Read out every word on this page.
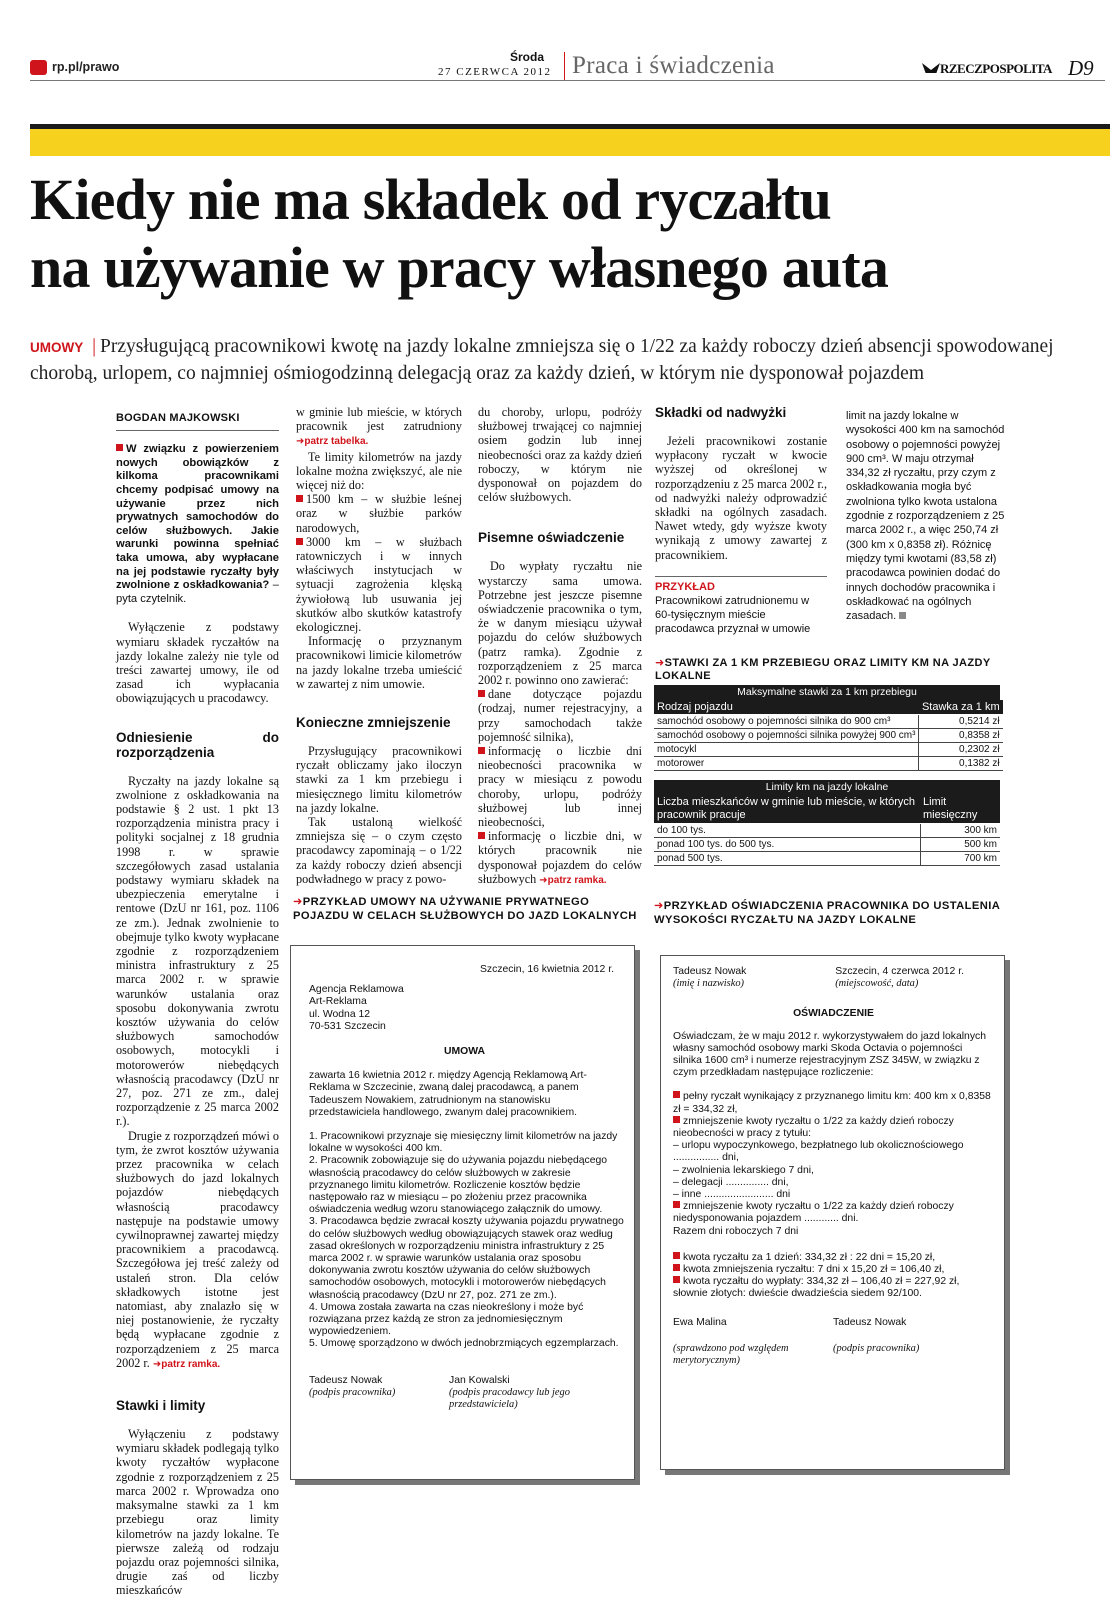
rp.pl/prawo
Środa
27 CZERWCA 2012 Praca i świadczenia	RZECZPOSPOLITA D9
Kiedy nie ma składek od ryczałtu
na używanie w pracy własnego auta
UMOWY | Przysługującą pracownikowi kwotę na jazdy lokalne zmniejsza się o 1/22 za każdy roboczy dzień absencji spowodowanej chorobą, urlopem, co najmniej ośmiogodzinną delegacją oraz za każdy dzień, w którym nie dysponował pojazdem
BOGDAN MAJKOWSKI

W związku z powierzeniem nowych obowiązków z kilkoma pracownikami chcemy podpisać umowy na używanie przez nich prywatnych samochodów do celów służbowych. Jakie warunki powinna spełniać taka umowa, aby wypłacane na jej podstawie ryczałty były zwolnione z oskładkowania? – pyta czytelnik.

Wyłączenie z podstawy wymiaru składek ryczałtów na jazdy lokalne zależy nie tyle od treści zawartej umowy, ile od zasad ich wypłacania obowiązujących u pracodawcy.

Odniesienie do rozporządzenia

Ryczałty na jazdy lokalne są zwolnione z oskładkowania na podstawie § 2 ust. 1 pkt 13 rozporządzenia ministra pracy i polityki socjalnej z 18 grudnia 1998 r. w sprawie szczegółowych zasad ustalania podstawy wymiaru składek na ubezpieczenia emerytalne i rentowe (DzU nr 161, poz. 1106 ze zm.). Jednak zwolnienie to obejmuje tylko kwoty wypłacane zgodnie z rozporządzeniem ministra infrastruktury z 25 marca 2002 r. w sprawie warunków ustalania oraz sposobu dokonywania zwrotu kosztów używania do celów służbowych samochodów osobowych, motocykli i motorowerów niebędących własnością pracodawcy (DzU nr 27, poz. 271 ze zm., dalej rozporządzenie z 25 marca 2002 r.).

Drugie z rozporządzeń mówi o tym, że zwrot kosztów używania przez pracownika w celach służbowych do jazd lokalnych pojazdów niebędących własnością pracodawcy następuje na podstawie umowy cywilnoprawnej zawartej między pracownikiem a pracodawcą. Szczegółowa jej treść zależy od ustaleń stron. Dla celów składkowych istotne jest natomiast, aby znalazło się w niej postanowienie, że ryczałty będą wypłacane zgodnie z rozporządzeniem z 25 marca 2002 r. ➜patrz ramka.

Stawki i limity

Wyłączeniu z podstawy wymiaru składek podlegają tylko kwoty ryczałtów wypłacone zgodnie z rozporządzeniem z 25 marca 2002 r. Wprowadza ono maksymalne stawki za 1 km przebiegu oraz limity kilometrów na jazdy lokalne. Te pierwsze zależą od rodzaju pojazdu oraz pojemności silnika, drugie zaś od liczby mieszkańców

w gminie lub mieście, w których pracownik jest zatrudniony ➜patrz tabelka.

Te limity kilometrów na jazdy lokalne można zwiększyć, ale nie więcej niż do:

1500 km – w służbie leśnej oraz w służbie parków narodowych,

3000 km – w służbach ratowniczych i w innych właściwych instytucjach w sytuacji zagrożenia klęską żywiołową lub usuwania jej skutków albo skutków katastrofy ekologicznej.

Informację o przyznanym pracownikowi limicie kilometrów na jazdy lokalne trzeba umieścić w zawartej z nim umowie.

Konieczne zmniejszenie

Przysługujący pracownikowi ryczałt obliczamy jako iloczyn stawki za 1 km przebiegu i miesięcznego limitu kilometrów na jazdy lokalne.

Tak ustaloną wielkość zmniejsza się – o czym często pracodawcy zapominają – o 1/22 za każdy roboczy dzień absencji podwładnego w pracy z powo-

du choroby, urlopu, podróży służbowej trwającej co najmniej osiem godzin lub innej nieobecności oraz za każdy dzień roboczy, w którym nie dysponował on pojazdem do celów służbowych.

Pisemne oświadczenie

Do wypłaty ryczałtu nie wystarczy sama umowa. Potrzebne jest jeszcze pisemne oświadczenie pracownika o tym, że w danym miesiącu używał pojazdu do celów służbowych (patrz ramka). Zgodnie z rozporządzeniem z 25 marca 2002 r. powinno ono zawierać:

dane dotyczące pojazdu (rodzaj, numer rejestracyjny, a przy samochodach także pojemność silnika),

informację o liczbie dni nieobecności pracownika w pracy w miesiącu z powodu choroby, urlopu, podróży służbowej lub innej nieobecności,

informację o liczbie dni, w których pracownik nie dysponował pojazdem do celów służbowych ➜patrz ramka.

Składki od nadwyżki

Jeżeli pracownikowi zostanie wypłacony ryczałt w kwocie wyższej od określonej w rozporządzeniu z 25 marca 2002 r., od nadwyżki należy odprowadzić składki na ogólnych zasadach. Nawet wtedy, gdy wyższe kwoty wynikają z umowy zawartej z pracownikiem.

PRZYKŁAD

Pracownikowi zatrudnionemu w 60-tysięcznym mieście pracodawca przyznał w umowie

limit na jazdy lokalne w wysokości 400 km na samochód osobowy o pojemności powyżej 900 cm³. W maju otrzymał 334,32 zł ryczałtu, przy czym z oskładkowania mogła być zwolniona tylko kwota ustalona zgodnie z rozporządzeniem z 25 marca 2002 r., a więc 250,74 zł (300 km x 0,8358 zł). Różnicę między tymi kwotami (83,58 zł) pracodawca powinien dodać do innych dochodów pracownika i oskładkować na ogólnych zasadach.

➜STAWKI ZA 1 KM PRZEBIEGU ORAZ LIMITY KM NA JAZDY LOKALNE
Maksymalne stawki za 1 km przebiegu
Rodzaj pojazdu	Stawka za 1 km
samochód osobowy o pojemności silnika do 900 cm³	0,5214 zł
samochód osobowy o pojemności silnika powyżej 900 cm³	0,8358 zł
motocykl	0,2302 zł
motorower	0,1382 zł
Limity km na jazdy lokalne
Liczba mieszkańców w gminie lub mieście, w których pracownik pracuje	Limit miesięczny
do 100 tys.	300 km
ponad 100 tys. do 500 tys.	500 km
ponad 500 tys.	700 km
➜PRZYKŁAD UMOWY NA UŻYWANIE PRYWATNEGO POJAZDU W CELACH SŁUŻBOWYCH DO JAZD LOKALNYCH
Szczecin, 16 kwietnia 2012 r.
Agencja Reklamowa
Art-Reklama
ul. Wodna 12
70-531 Szczecin
UMOWA

zawarta 16 kwietnia 2012 r. między Agencją Reklamową Art-Reklama w Szczecinie, zwaną dalej pracodawcą, a panem Tadeuszem Nowakiem, zatrudnionym na stanowisku przedstawiciela handlowego, zwanym dalej pracownikiem.

1. Pracownikowi przyznaje się miesięczny limit kilometrów na jazdy lokalne w wysokości 400 km.

2. Pracownik zobowiązuje się do używania pojazdu niebędącego własnością pracodawcy do celów służbowych w zakresie przyznanego limitu kilometrów. Rozliczenie kosztów będzie następowało raz w miesiącu – po złożeniu przez pracownika oświadczenia według wzoru stanowiącego załącznik do umowy.

3. Pracodawca będzie zwracał koszty używania pojazdu prywatnego do celów służbowych według obowiązujących stawek oraz według zasad określonych w rozporządzeniu ministra infrastruktury z 25 marca 2002 r. w sprawie warunków ustalania oraz sposobu dokonywania zwrotu kosztów używania do celów służbowych samochodów osobowych, motocykli i motorowerów niebędących własnością pracodawcy (DzU nr 27, poz. 271 ze zm.).

4. Umowa została zawarta na czas nieokreślony i może być rozwiązana przez każdą ze stron za jednomiesięcznym wypowiedzeniem.

5. Umowę sporządzono w dwóch jednobrzmiących egzemplarzach.

Tadeusz Nowak
(podpis pracownika)
Jan Kowalski
(podpis pracodawcy lub jego przedstawiciela)
➜PRZYKŁAD OŚWIADCZENIA PRACOWNIKA DO USTALENIA WYSOKOŚCI RYCZAŁTU NA JAZDY LOKALNE
Tadeusz Nowak
(imię i nazwisko)
Szczecin, 4 czerwca 2012 r.
(miejscowość, data)
OŚWIADCZENIE

Oświadczam, że w maju 2012 r. wykorzystywałem do jazd lokalnych własny samochód osobowy marki Skoda Octavia o pojemności silnika 1600 cm³ i numerze rejestracyjnym ZSZ 345W, w związku z czym przedkładam następujące rozliczenie:

pełny ryczałt wynikający z przyznanego limitu km: 400 km x 0,8358 zł = 334,32 zł,

zmniejszenie kwoty ryczałtu o 1/22 za każdy dzień roboczy nieobecności w pracy z tytułu:

– urlopu wypoczynkowego, bezpłatnego lub okolicznościowego ................ dni,

– zwolnienia lekarskiego 7 dni,

– delegacji ............... dni,

– inne ........................ dni

zmniejszenie kwoty ryczałtu o 1/22 za każdy dzień roboczy niedysponowania pojazdem ............ dni.

Razem dni roboczych 7 dni

kwota ryczałtu za 1 dzień: 334,32 zł : 22 dni = 15,20 zł,

kwota zmniejszenia ryczałtu: 7 dni x 15,20 zł = 106,40 zł,

kwota ryczałtu do wypłaty: 334,32 zł – 106,40 zł = 227,92 zł, słownie złotych: dwieście dwadzieścia siedem 92/100.

Ewa Malina
(sprawdzono pod względem merytorycznym)
Tadeusz Nowak
(podpis pracownika)
